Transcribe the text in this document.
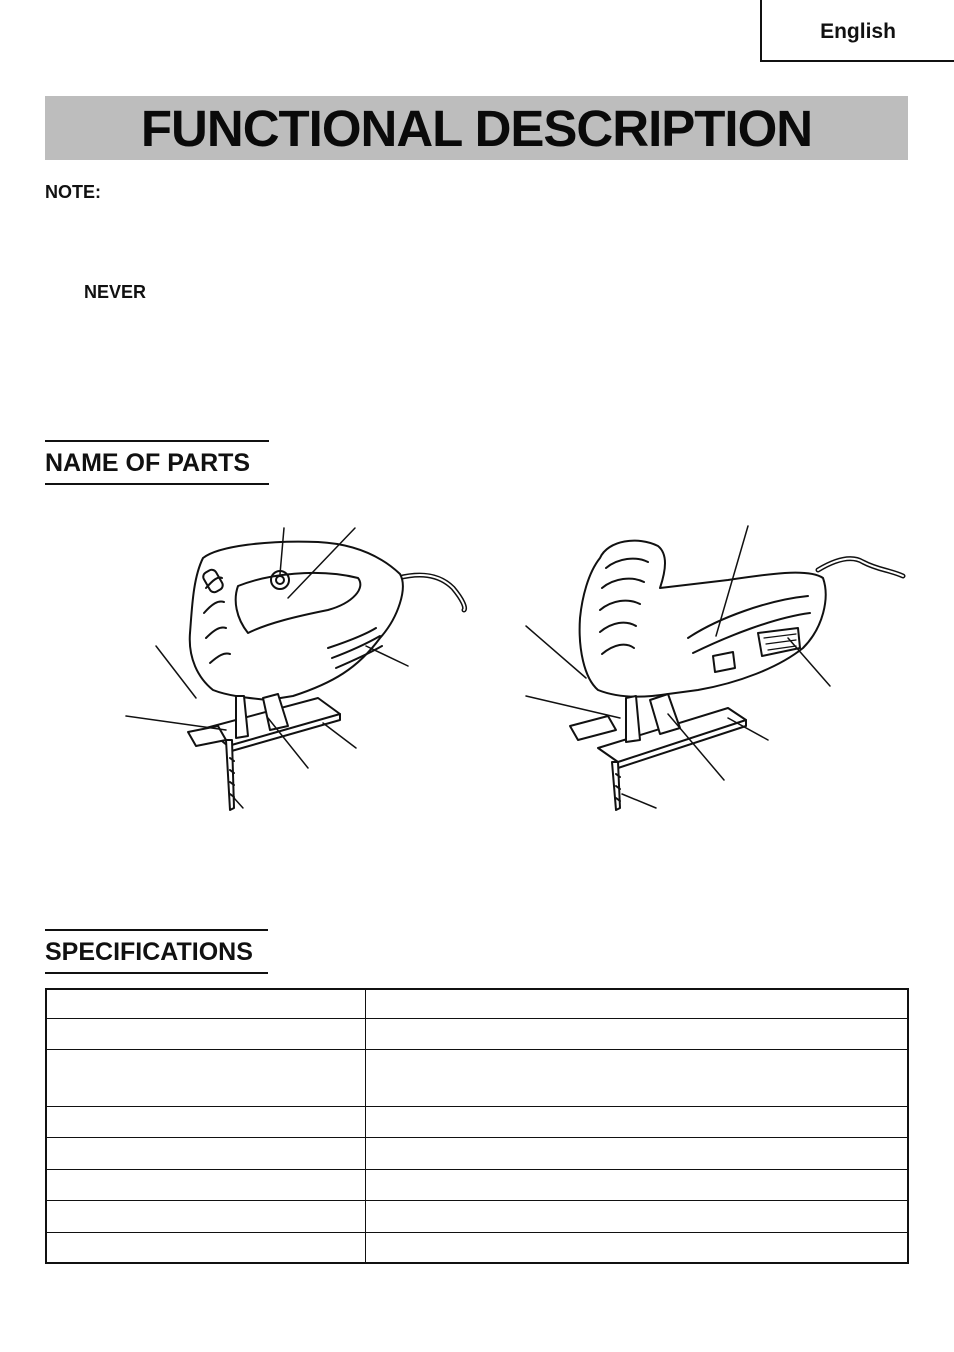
English
FUNCTIONAL DESCRIPTION
NOTE:
NEVER
NAME OF PARTS
SPECIFICATIONS
